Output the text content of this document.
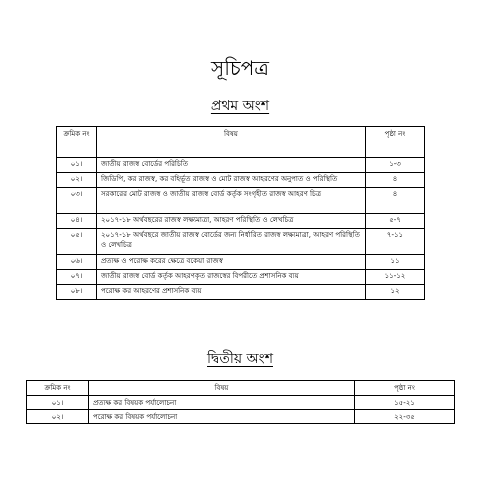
সূচিপত্র
প্রথম অংশ
ক্রমিক নং	বিষয়	পৃষ্ঠা নং
০১।	জাতীয় রাজস্ব বোর্ডের পরিচিতি	১-৩
০২।	জিডিপি, কর রাজস্ব, কর বহির্ভূত রাজস্ব ও মোট রাজস্ব আহরণের অনুপাত ও পরিস্থিতি	৪
০৩।	সরকারের মোট রাজস্ব ও জাতীয় রাজস্ব বোর্ড কর্তৃক সংগৃহীত রাজস্ব আহরণ চিত্র	৪
০৪।	২০১৭-১৮ অর্থবছরের রাজস্ব লক্ষ্যমাত্রা, আহরণ পরিস্থিতি ও লেখচিত্র	৫-৭
০৫।	২০১৭-১৮ অর্থবছরে জাতীয় রাজস্ব বোর্ডের জন্য নির্ধারিত রাজস্ব লক্ষ্যমাত্রা, আহরণ পরিস্থিতি ও লেখচিত্র	৭-১১
০৬।	প্রত্যক্ষ ও পরোক্ষ করের ক্ষেত্রে বকেয়া রাজস্ব	১১
০৭।	জাতীয় রাজস্ব বোর্ড কর্তৃক আহরণকৃত রাজস্বের বিপরীতে প্রশাসনিক ব্যয়	১১-১২
০৮।	পরোক্ষ কর আহরণের প্রশাসনিক ব্যয়	১২
দ্বিতীয় অংশ
ক্রমিক নং	বিষয়	পৃষ্ঠা নং
০১।	প্রত্যক্ষ কর বিষয়ক পর্যালোচনা	১৫-২১
০২।	পরোক্ষ কর বিষয়ক পর্যালোচনা	২২-৩৫
